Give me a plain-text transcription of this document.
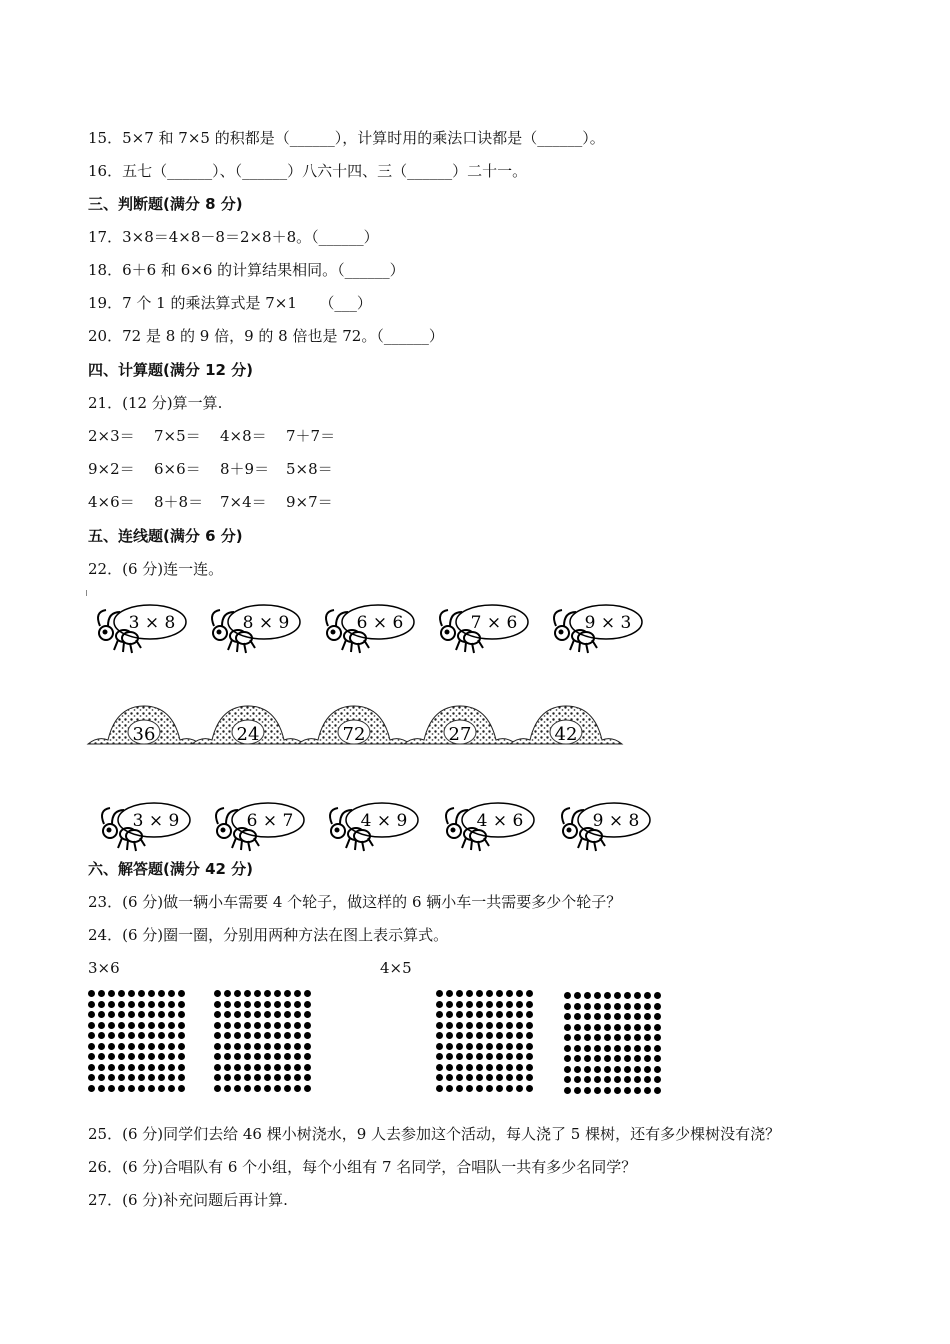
15．5×7 和 7×5 的积都是（______），计算时用的乘法口诀都是（______）。
16．五七（______）、（______）八六十四、三（______）二十一。
三、判断题(满分 8 分)
17．3×8＝4×8－8＝2×8＋8。（______）
18．6＋6 和 6×6 的计算结果相同。（______）
19．7 个 1 的乘法算式是 7×1　　（___）
20．72 是 8 的 9 倍，9 的 8 倍也是 72。（______）
四、计算题(满分 12 分)
21．(12 分)算一算.
2×3＝	7×5＝	4×8＝	7＋7＝
9×2＝	6×6＝	8＋9＝	5×8＝
4×6＝	8＋8＝	7×4＝	9×7＝
五、连线题(满分 6 分)
22．(6 分)连一连。
3 × 8	8 × 9	6 × 6	7 × 6	9 × 3
36	24	72	27	42
3 × 9	6 × 7	4 × 9	4 × 6	9 × 8
六、解答题(满分 42 分)
23．(6 分)做一辆小车需要 4 个轮子，做这样的 6 辆小车一共需要多少个轮子？
24．(6 分)圈一圈，分别用两种方法在图上表示算式。
3×6	4×5
25．(6 分)同学们去给 46 棵小树浇水，9 人去参加这个活动，每人浇了 5 棵树，还有多少棵树没有浇？
26．(6 分)合唱队有 6 个小组，每个小组有 7 名同学，合唱队一共有多少名同学？
27．(6 分)补充问题后再计算.
